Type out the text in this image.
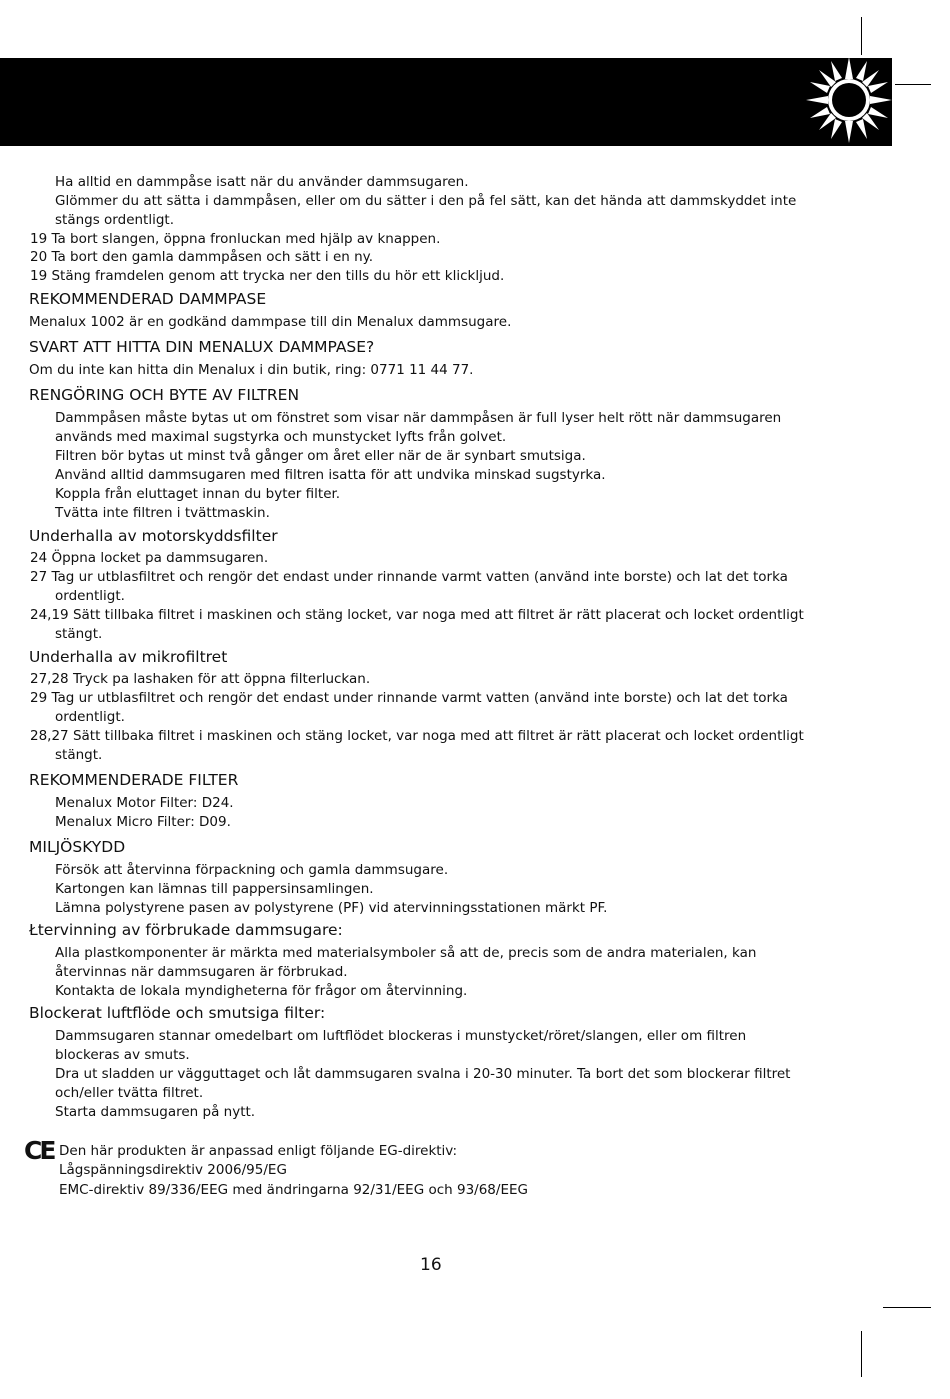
Ha alltid en dammpåse isatt när du använder dammsugaren.
Glömmer du att sätta i dammpåsen, eller om du sätter i den på fel sätt, kan det hända att dammskyddet inte
stängs ordentligt.
19 Ta bort slangen, öppna fronluckan med hjälp av knappen.
20 Ta bort den gamla dammpåsen och sätt i en ny.
19 Stäng framdelen genom att trycka ner den tills du hör ett klickljud.
REKOMMENDERAD DAMMPASE
Menalux 1002 är en godkänd dammpase till din Menalux dammsugare.
SVART ATT HITTA DIN MENALUX DAMMPASE?
Om du inte kan hitta din Menalux i din butik, ring: 0771 11 44 77.
RENGÖRING OCH BYTE AV FILTREN
Dammpåsen måste bytas ut om fönstret som visar när dammpåsen är full lyser helt rött när dammsugaren
används med maximal sugstyrka och munstycket lyfts från golvet.
Filtren bör bytas ut minst två gånger om året eller när de är synbart smutsiga.
Använd alltid dammsugaren med filtren isatta för att undvika minskad sugstyrka.
Koppla från eluttaget innan du byter filter.
Tvätta inte filtren i tvättmaskin.
Underhalla av motorskyddsfilter
24 Öppna locket pa dammsugaren.
27 Tag ur utblasfiltret och rengör det endast under rinnande varmt vatten (använd inte borste) och lat det torka
ordentligt.
24,19 Sätt tillbaka filtret i maskinen och stäng locket, var noga med att filtret är rätt placerat och locket ordentligt
stängt.
Underhalla av mikrofiltret
27,28 Tryck pa lashaken för att öppna filterluckan.
29 Tag ur utblasfiltret och rengör det endast under rinnande varmt vatten (använd inte borste) och lat det torka
ordentligt.
28,27 Sätt tillbaka filtret i maskinen och stäng locket, var noga med att filtret är rätt placerat och locket ordentligt
stängt.
REKOMMENDERADE FILTER
Menalux Motor Filter: D24.
Menalux Micro Filter: D09.
MILJÖSKYDD
Försök att återvinna förpackning och gamla dammsugare.
Kartongen kan lämnas till pappersinsamlingen.
Lämna polystyrene pasen av polystyrene (PF) vid atervinningsstationen märkt PF.
Łtervinning av förbrukade dammsugare:
Alla plastkomponenter är märkta med materialsymboler så att de, precis som de andra materialen, kan
återvinnas när dammsugaren är förbrukad.
Kontakta de lokala myndigheterna för frågor om återvinning.
Blockerat luftflöde och smutsiga filter:
Dammsugaren stannar omedelbart om luftflödet blockeras i munstycket/röret/slangen, eller om filtren
blockeras av smuts.
Dra ut sladden ur vägguttaget och låt dammsugaren svalna i 20-30 minuter. Ta bort det som blockerar filtret
och/eller tvätta filtret.
Starta dammsugaren på nytt.
CE Den här produkten är anpassad enligt följande EG-direktiv:
Lågspänningsdirektiv 2006/95/EG
EMC-direktiv 89/336/EEG med ändringarna 92/31/EEG och 93/68/EEG
16
